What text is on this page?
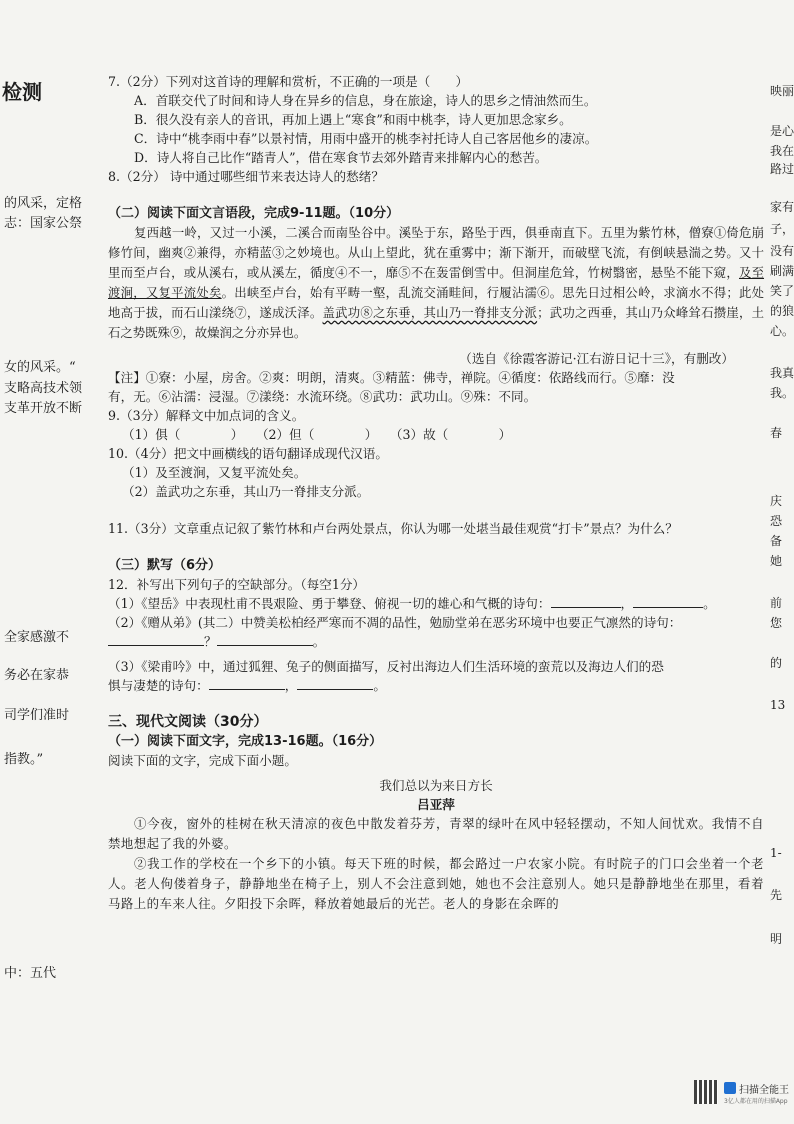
检测
的风采，定格
志：国家公祭
女的风采。“
支略高技术领
支革开放不断
全家感激不
务必在家恭
司学们准时
指教。”
中：五代
映丽
是心
我在
路过
家有
子，
没有
刷满
笑了
的狼
心。
我真
我。
春
庆
恐
备
她
前
您
的
13
1-
先
明
7.（2分）下列对这首诗的理解和赏析，不正确的一项是（　　）
A．首联交代了时间和诗人身在异乡的信息，身在旅途，诗人的思乡之情油然而生。
B．很久没有亲人的音讯，再加上遇上“寒食”和雨中桃李，诗人更加思念家乡。
C．诗中“桃李雨中春”以景衬情，用雨中盛开的桃李衬托诗人自己客居他乡的凄凉。
D．诗人将自己比作“踏青人”，借在寒食节去郊外踏青来排解内心的愁苦。
8.（2分） 诗中通过哪些细节来表达诗人的愁绪？
（二）阅读下面文言语段，完成9-11题。（10分）

复西越一岭，又过一小溪，二溪合而南坠谷中。溪坠于东，路坠于西，俱垂南直下。五里为紫竹林，僧寮①倚危崩修竹间，幽爽②兼得，亦精蓝③之妙境也。从山上望此，犹在重雾中；渐下渐开，而破壁飞流，有倒峡悬湍之势。又十里而至卢台，或从溪右，或从溪左，循度④不一，靡⑤不在轰雷倒雪中。但洞崖危耸，竹树翳密，悬坠不能下窥，及至渡涧，又复平流处矣。出峡至卢台，始有平畴一壑，乱流交涌畦间，行履沾濡⑥。思先日过相公岭，求滴水不得；此处地高于拔，而石山漾绕⑦，遂成沃泽。盖武功⑧之东垂，其山乃一脊排支分派；武功之西垂，其山乃众峰耸石攒崖，土石之势既殊⑨，故燥润之分亦异也。

（选自《徐霞客游记·江右游日记十三》，有删改）
【注】①寮：小屋，房舍。②爽：明朗，清爽。③精蓝：佛寺，禅院。④循度：依路线而行。⑤靡：没
有，无。⑥沾濡：浸湿。⑦漾绕：水流环绕。⑧武功：武功山。⑨殊：不同。
9.（3分）解释文中加点词的含义。
（1）俱（　　　　）　　（2）但（　　　　）　　（3）故（　　　　）
10.（4分）把文中画横线的语句翻译成现代汉语。
（1）及至渡涧，又复平流处矣。
（2）盖武功之东垂，其山乃一脊排支分派。
11.（3分）文章重点记叙了紫竹林和卢台两处景点，你认为哪一处堪当最佳观赏“打卡”景点？为什么？
（三）默写（6分）
12．补写出下列句子的空缺部分。（每空1分）
（1）《望岳》中表现杜甫不畏艰险、勇于攀登、俯视一切的雄心和气概的诗句：	，	。
（2）《赠从弟》(其二）中赞美松柏经严寒而不凋的品性，勉励堂弟在恶劣环境中也要正气凛然的诗句：
？	。
（3）《梁甫吟》中，通过狐狸、兔子的侧面描写，反衬出海边人们生活环境的蛮荒以及海边人们的恐
惧与凄楚的诗句：	，	。
三、现代文阅读（30分）
（一）阅读下面文字，完成13-16题。（16分）
阅读下面的文字，完成下面小题。
我们总以为来日方长
吕亚萍

①今夜，窗外的桂树在秋天清凉的夜色中散发着芬芳，青翠的绿叶在风中轻轻摆动，不知人间忧欢。我情不自禁地想起了我的外婆。

②我工作的学校在一个乡下的小镇。每天下班的时候，都会路过一户农家小院。有时院子的门口会坐着一个老人。老人佝偻着身子，静静地坐在椅子上，别人不会注意到她，她也不会注意别人。她只是静静地坐在那里，看着马路上的车来人往。夕阳投下余晖，释放着她最后的光芒。老人的身影在余晖的

扫描全能王
3亿人都在用的扫描App
